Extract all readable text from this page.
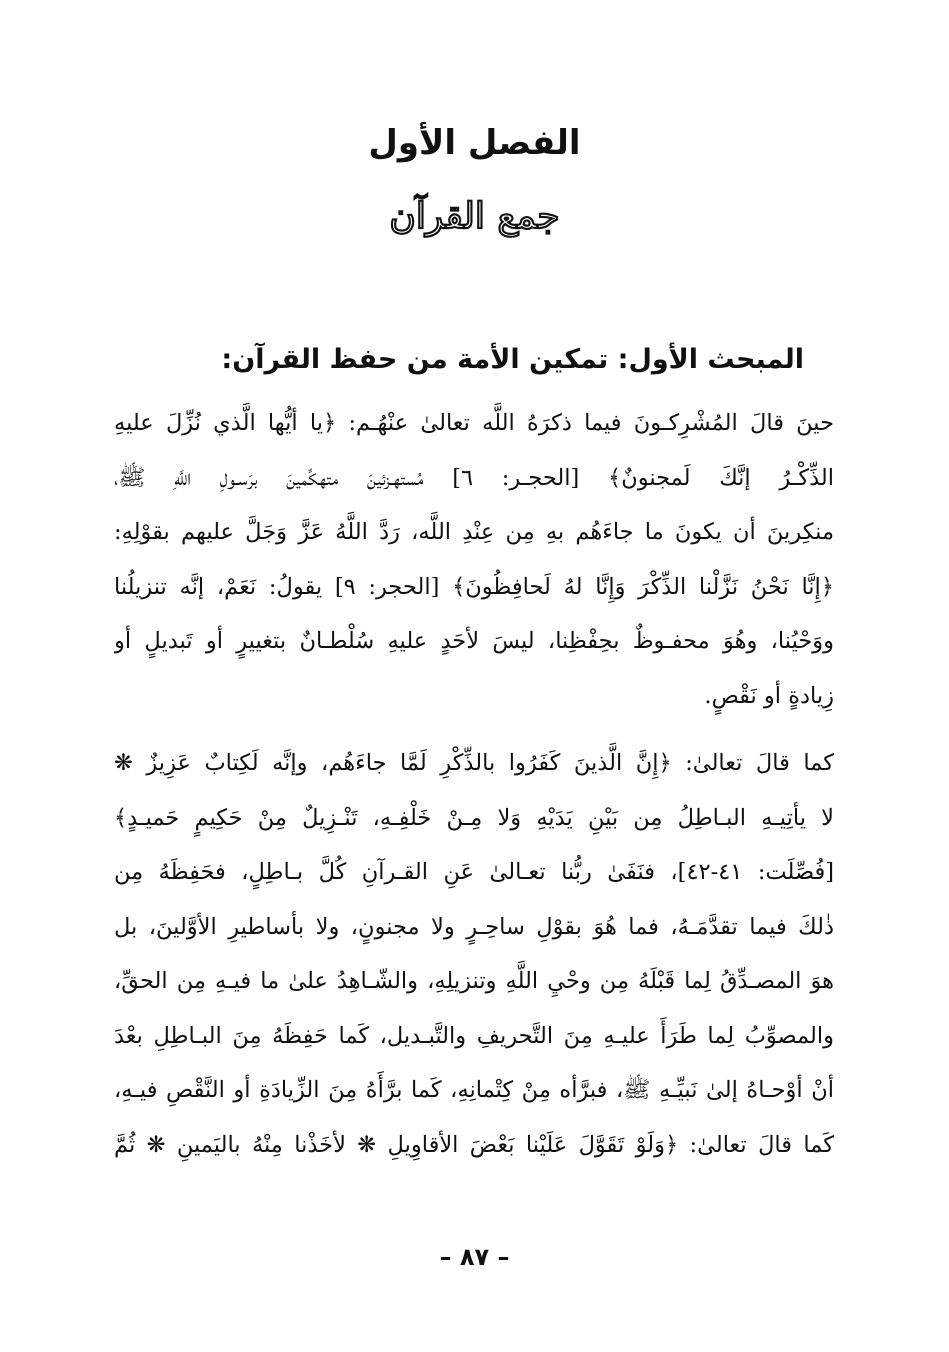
الفصل الأول
جمع القرآن
المبحث الأول: تمكين الأمة من حفظ القرآن:

حينَ قالَ المُشْرِكـونَ فيما ذكرَهُ اللَّه تعالىٰ عنْهُـم: ﴿يا أيُّها الَّذي نُزِّلَ عليهِ
الذِّكْـرُ إنَّكَ لَمجنونٌ﴾ [الحجـر: ٦] مُستهـزئينَ متهكِّمينَ برَسـولِ اللَّهِ ﷺ،
منكِرينَ أن يكونَ ما جاءَهُم بهِ مِن عِنْدِ اللَّه، رَدَّ اللَّهُ عَزَّ وَجَلَّ عليهم بقوْلِهِ:
﴿إِنَّا نَحْنُ نَزَّلْنا الذِّكْرَ وَإِنَّا لهُ لَحافِظُونَ﴾ [الحجر: ٩] يقولُ: نَعَمْ، إنَّه تنزيلُنا
ووَحْيُنا، وهُوَ محفـوظٌ بحِفْظِنا، ليسَ لأحَدٍ عليهِ سُلْطـانٌ بتغييرٍ أو تَبديلٍ أو
زِيادةٍ أو نَقْصٍ.

كما قالَ تعالىٰ: ﴿إِنَّ الَّذينَ كَفَرُوا بالذِّكْرِ لَمَّا جاءَهُم، وإنَّه لَكِتابٌ عَزِيزٌ ❋
لا يأتِيـهِ البـاطِلُ مِن بَيْنِ يَدَيْهِ وَلا مِـنْ خَلْفِـهِ، تَنْـزِيلٌ مِنْ حَكِيمٍ حَميـدٍ﴾
[فُصِّلَت: ٤١-٤٢]، فنَفَىٰ ربُّنا تعـالىٰ عَنِ القـرآنِ كُلَّ بـاطِلٍ، فحَفِظَهُ مِن
ذٰلكَ فيما تقدَّمَـهُ، فما هُوَ بقوْلِ ساحِـرٍ ولا مجنونٍ، ولا بأساطيرِ الأوَّلينَ، بل
هوَ المصـدِّقُ لِما قَبْلَهُ مِن وحْيِ اللَّهِ وتنزيلِهِ، والشّـاهِدُ علىٰ ما فيـهِ مِن الحقِّ،
والمصوِّبُ لِما طَرَأَ عليـهِ مِنَ التَّحريفِ والتَّبـديل، كَما حَفِظَهُ مِنَ البـاطِلِ بعْدَ
أنْ أوْحـاهُ إلىٰ نَبيِّـهِ ﷺ، فبرَّأه مِنْ كِتْمانِهِ، كَما برَّأَهُ مِنَ الزِّيادَةِ أو النَّقْصِ فيـهِ،
كَما قالَ تعالىٰ: ﴿وَلَوْ تَقَوَّلَ عَلَيْنا بَعْضَ الأقاوِيلِ ❋ لأخَذْنا مِنْهُ باليَمينِ ❋ ثُمَّ

– ٨٧ –
